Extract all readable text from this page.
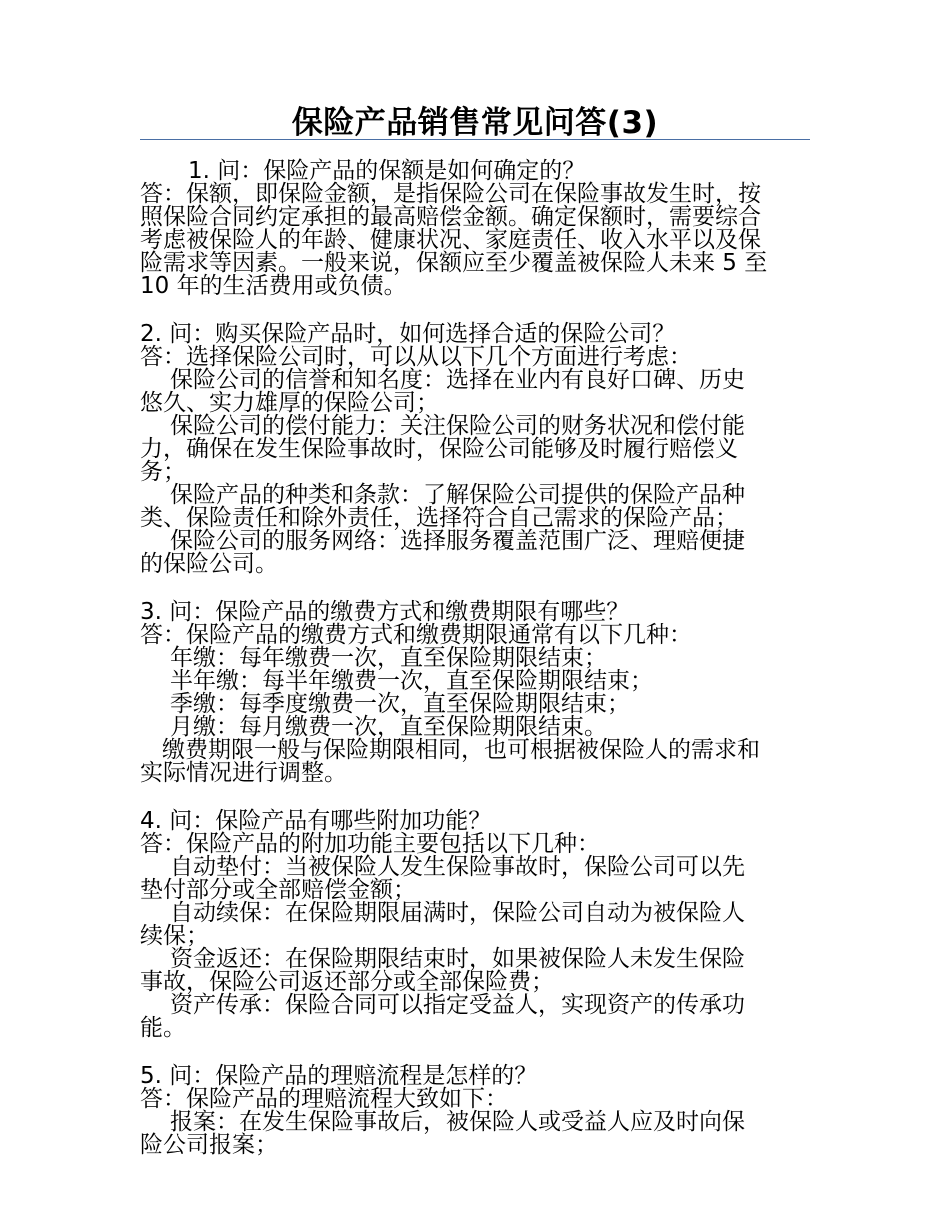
保险产品销售常见问答(3)
1. 问：保险产品的保额是如何确定的？
答：保额，即保险金额，是指保险公司在保险事故发生时，按
照保险合同约定承担的最高赔偿金额。确定保额时，需要综合
考虑被保险人的年龄、健康状况、家庭责任、收入水平以及保
险需求等因素。一般来说，保额应至少覆盖被保险人未来 5 至
10 年的生活费用或负债。
2. 问：购买保险产品时，如何选择合适的保险公司？
答：选择保险公司时，可以从以下几个方面进行考虑：
保险公司的信誉和知名度：选择在业内有良好口碑、历史
悠久、实力雄厚的保险公司；
保险公司的偿付能力：关注保险公司的财务状况和偿付能
力，确保在发生保险事故时，保险公司能够及时履行赔偿义
务；
保险产品的种类和条款：了解保险公司提供的保险产品种
类、保险责任和除外责任，选择符合自己需求的保险产品；
保险公司的服务网络：选择服务覆盖范围广泛、理赔便捷
的保险公司。
3. 问：保险产品的缴费方式和缴费期限有哪些？
答：保险产品的缴费方式和缴费期限通常有以下几种：
年缴：每年缴费一次，直至保险期限结束；
半年缴：每半年缴费一次，直至保险期限结束；
季缴：每季度缴费一次，直至保险期限结束；
月缴：每月缴费一次，直至保险期限结束。
缴费期限一般与保险期限相同，也可根据被保险人的需求和
实际情况进行调整。
4. 问：保险产品有哪些附加功能？
答：保险产品的附加功能主要包括以下几种：
自动垫付：当被保险人发生保险事故时，保险公司可以先
垫付部分或全部赔偿金额；
自动续保：在保险期限届满时，保险公司自动为被保险人
续保；
资金返还：在保险期限结束时，如果被保险人未发生保险
事故，保险公司返还部分或全部保险费；
资产传承：保险合同可以指定受益人，实现资产的传承功
能。
5. 问：保险产品的理赔流程是怎样的？
答：保险产品的理赔流程大致如下：
报案：在发生保险事故后，被保险人或受益人应及时向保
险公司报案；
